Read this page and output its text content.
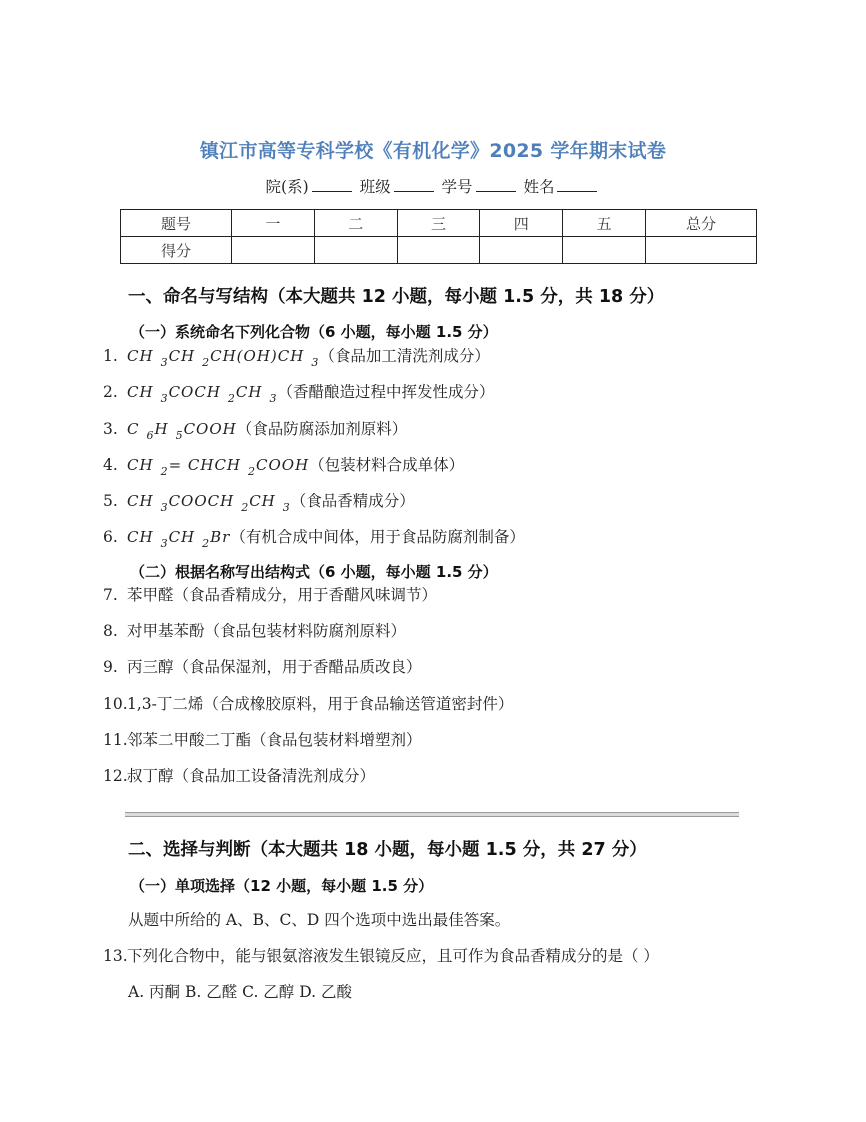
镇江市高等专科学校《有机化学》2025 学年期末试卷
院(系)	班级	学号	姓名
题号	一	二	三	四	五	总分
得分						
一、命名与写结构（本大题共 12 小题，每小题 1.5 分，共 18 分）
（一）系统命名下列化合物（6 小题，每小题 1.5 分）
1. CH $_3$CH $_2$CH(OH)CH $_3$（食品加工清洗剂成分）
2. CH $_3$COCH $_2$CH $_3$（香醋酿造过程中挥发性成分）
3. C $_6$H $_5$COOH（食品防腐添加剂原料）
4. CH $_2$= CHCH $_2$COOH（包装材料合成单体）
5. CH $_3$COOCH $_2$CH $_3$（食品香精成分）
6. CH $_3$CH $_2$Br（有机合成中间体，用于食品防腐剂制备）
（二）根据名称写出结构式（6 小题，每小题 1.5 分）
7. 苯甲醛（食品香精成分，用于香醋风味调节）
8. 对甲基苯酚（食品包装材料防腐剂原料）
9. 丙三醇（食品保湿剂，用于香醋品质改良）
10.1,3-丁二烯（合成橡胶原料，用于食品输送管道密封件）
11.邻苯二甲酸二丁酯（食品包装材料增塑剂）
12.叔丁醇（食品加工设备清洗剂成分）
二、选择与判断（本大题共 18 小题，每小题 1.5 分，共 27 分）
（一）单项选择（12 小题，每小题 1.5 分）
从题中所给的 A、B、C、D 四个选项中选出最佳答案。
13.下列化合物中，能与银氨溶液发生银镜反应，且可作为食品香精成分的是（ ）
A. 丙酮 B. 乙醛 C. 乙醇 D. 乙酸
